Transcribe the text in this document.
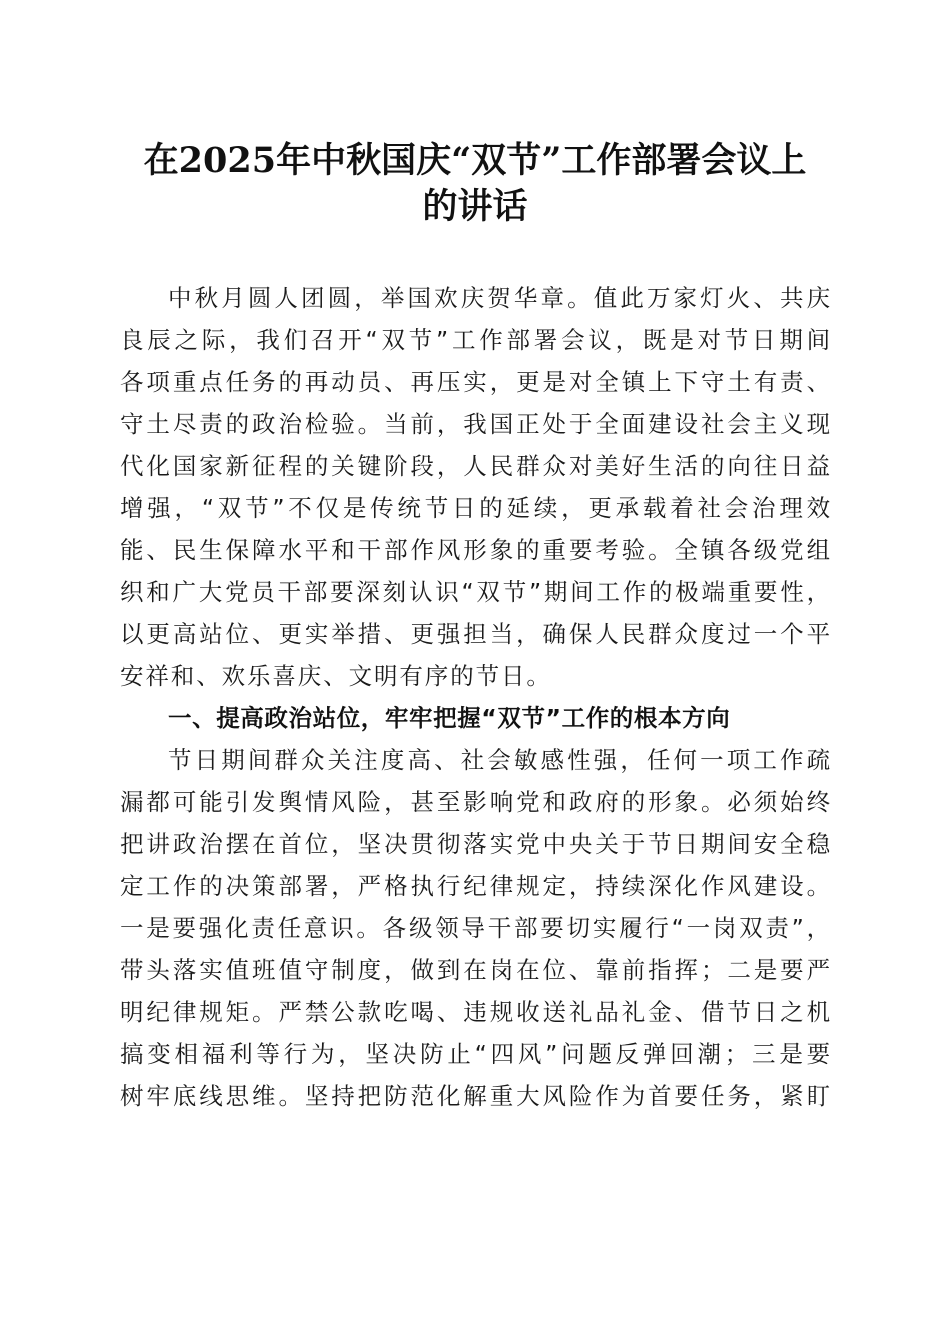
在2025年中秋国庆“双节”工作部署会议上
的讲话
中秋月圆人团圆，举国欢庆贺华章。值此万家灯火、共庆
良辰之际，我们召开“双节”工作部署会议，既是对节日期间
各项重点任务的再动员、再压实，更是对全镇上下守土有责、
守土尽责的政治检验。当前，我国正处于全面建设社会主义现
代化国家新征程的关键阶段，人民群众对美好生活的向往日益
增强，“双节”不仅是传统节日的延续，更承载着社会治理效
能、民生保障水平和干部作风形象的重要考验。全镇各级党组
织和广大党员干部要深刻认识“双节”期间工作的极端重要性，
以更高站位、更实举措、更强担当，确保人民群众度过一个平
安祥和、欢乐喜庆、文明有序的节日。
一、提高政治站位，牢牢把握“双节”工作的根本方向
节日期间群众关注度高、社会敏感性强，任何一项工作疏
漏都可能引发舆情风险，甚至影响党和政府的形象。必须始终
把讲政治摆在首位，坚决贯彻落实党中央关于节日期间安全稳
定工作的决策部署，严格执行纪律规定，持续深化作风建设。
一是要强化责任意识。各级领导干部要切实履行“一岗双责”，
带头落实值班值守制度，做到在岗在位、靠前指挥；二是要严
明纪律规矩。严禁公款吃喝、违规收送礼品礼金、借节日之机
搞变相福利等行为，坚决防止“四风”问题反弹回潮；三是要
树牢底线思维。坚持把防范化解重大风险作为首要任务，紧盯
